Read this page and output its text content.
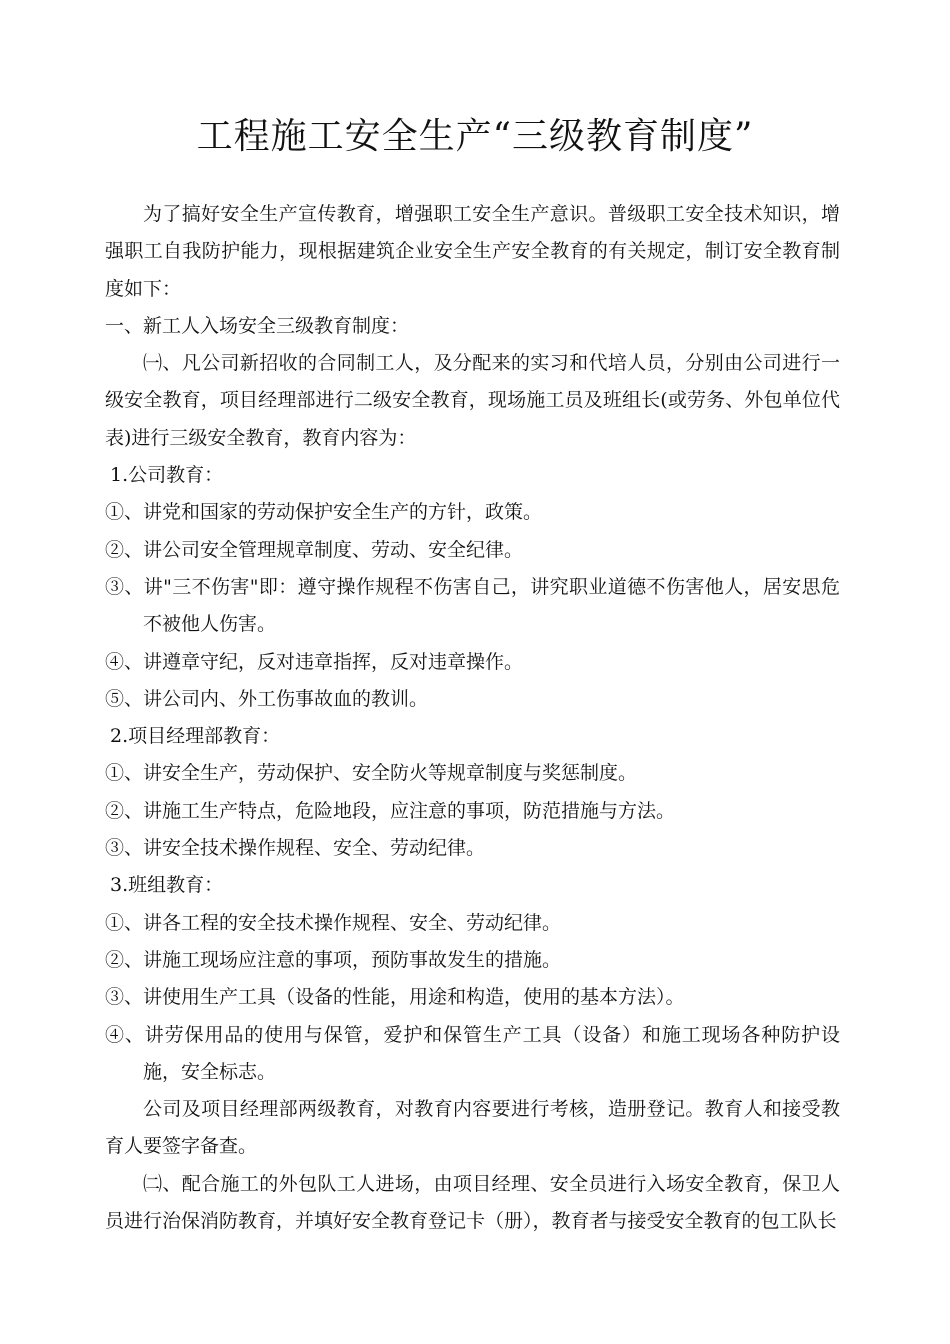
工程施工安全生产“三级教育制度”

为了搞好安全生产宣传教育，增强职工安全生产意识。普级职工安全技术知识，增强职工自我防护能力，现根据建筑企业安全生产安全教育的有关规定，制订安全教育制度如下：

一、新工人入场安全三级教育制度：

㈠、凡公司新招收的合同制工人，及分配来的实习和代培人员，分别由公司进行一级安全教育，项目经理部进行二级安全教育，现场施工员及班组长(或劳务、外包单位代表)进行三级安全教育，教育内容为：

1.公司教育：

①、讲党和国家的劳动保护安全生产的方针，政策。

②、讲公司安全管理规章制度、劳动、安全纪律。

③、讲"三不伤害"即：遵守操作规程不伤害自己，讲究职业道德不伤害他人，居安思危不被他人伤害。

④、讲遵章守纪，反对违章指挥，反对违章操作。

⑤、讲公司内、外工伤事故血的教训。

2.项目经理部教育：

①、讲安全生产，劳动保护、安全防火等规章制度与奖惩制度。

②、讲施工生产特点，危险地段，应注意的事项，防范措施与方法。

③、讲安全技术操作规程、安全、劳动纪律。

3.班组教育：

①、讲各工程的安全技术操作规程、安全、劳动纪律。

②、讲施工现场应注意的事项，预防事故发生的措施。

③、讲使用生产工具（设备的性能，用途和构造，使用的基本方法）。

④、讲劳保用品的使用与保管，爱护和保管生产工具（设备）和施工现场各种防护设施，安全标志。

公司及项目经理部两级教育，对教育内容要进行考核，造册登记。教育人和接受教育人要签字备查。

㈡、配合施工的外包队工人进场，由项目经理、安全员进行入场安全教育，保卫人员进行治保消防教育，并填好安全教育登记卡（册），教育者与接受安全教育的包工队长
